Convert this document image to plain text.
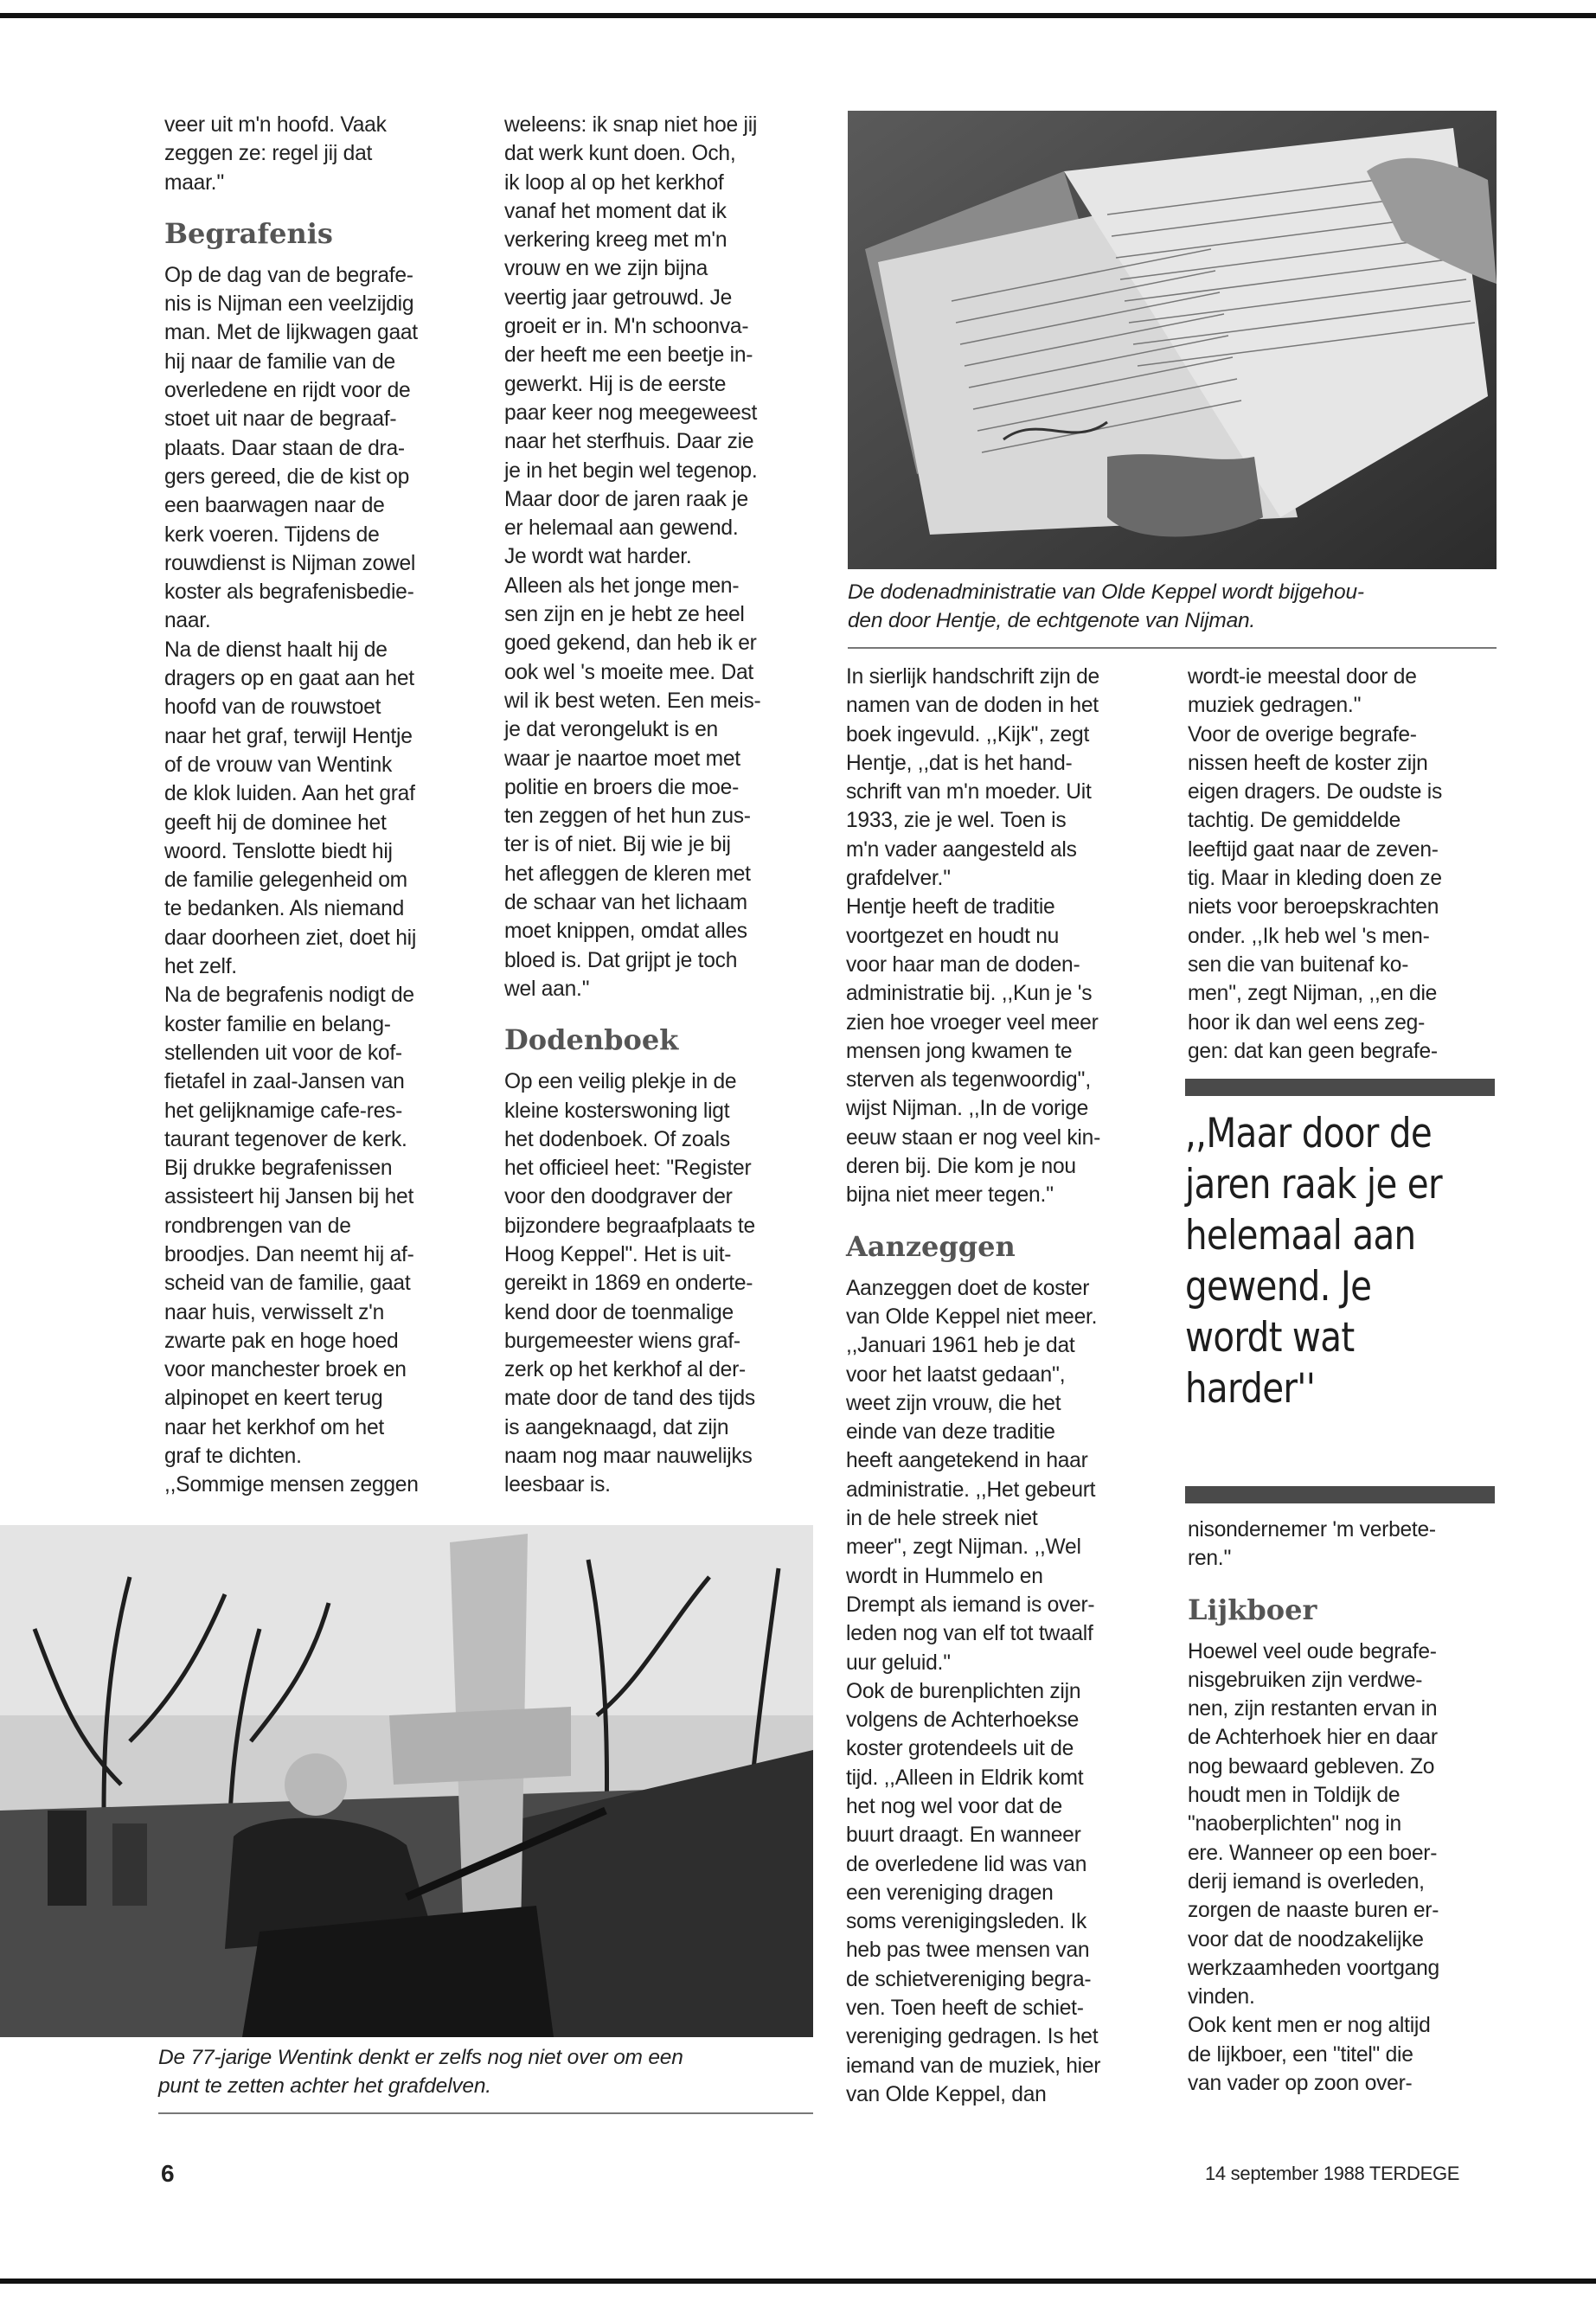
veer uit m'n hoofd. Vaak

zeggen ze: regel jij dat

maar.''

Begrafenis

Op de dag van de begrafe-

nis is Nijman een veelzijdig

man. Met de lijkwagen gaat

hij naar de familie van de

overledene en rijdt voor de

stoet uit naar de begraaf-

plaats. Daar staan de dra-

gers gereed, die de kist op

een baarwagen naar de

kerk voeren. Tijdens de

rouwdienst is Nijman zowel

koster als begrafenisbedie-

naar.

Na de dienst haalt hij de

dragers op en gaat aan het

hoofd van de rouwstoet

naar het graf, terwijl Hentje

of de vrouw van Wentink

de klok luiden. Aan het graf

geeft hij de dominee het

woord. Tenslotte biedt hij

de familie gelegenheid om

te bedanken. Als niemand

daar doorheen ziet, doet hij

het zelf.

Na de begrafenis nodigt de

koster familie en belang-

stellenden uit voor de kof-

fietafel in zaal-Jansen van

het gelijknamige cafe-res-

taurant tegenover de kerk.

Bij drukke begrafenissen

assisteert hij Jansen bij het

rondbrengen van de

broodjes. Dan neemt hij af-

scheid van de familie, gaat

naar huis, verwisselt z'n

zwarte pak en hoge hoed

voor manchester broek en

alpinopet en keert terug

naar het kerkhof om het

graf te dichten.

,,Sommige mensen zeggen

weleens: ik snap niet hoe jij

dat werk kunt doen. Och,

ik loop al op het kerkhof

vanaf het moment dat ik

verkering kreeg met m'n

vrouw en we zijn bijna

veertig jaar getrouwd. Je

groeit er in. M'n schoonva-

der heeft me een beetje in-

gewerkt. Hij is de eerste

paar keer nog meegeweest

naar het sterfhuis. Daar zie

je in het begin wel tegenop.

Maar door de jaren raak je

er helemaal aan gewend.

Je wordt wat harder.

Alleen als het jonge men-

sen zijn en je hebt ze heel

goed gekend, dan heb ik er

ook wel 's moeite mee. Dat

wil ik best weten. Een meis-

je dat verongelukt is en

waar je naartoe moet met

politie en broers die moe-

ten zeggen of het hun zus-

ter is of niet. Bij wie je bij

het afleggen de kleren met

de schaar van het lichaam

moet knippen, omdat alles

bloed is. Dat grijpt je toch

wel aan.''

Dodenboek

Op een veilig plekje in de

kleine kosterswoning ligt

het dodenboek. Of zoals

het officieel heet: "Register

voor den doodgraver der

bijzondere begraafplaats te

Hoog Keppel". Het is uit-

gereikt in 1869 en onderte-

kend door de toenmalige

burgemeester wiens graf-

zerk op het kerkhof al der-

mate door de tand des tijds

is aangeknaagd, dat zijn

naam nog maar nauwelijks

leesbaar is.

De dodenadministratie van Olde Keppel wordt bijgehou-

den door Hentje, de echtgenote van Nijman.

In sierlijk handschrift zijn de

namen van de doden in het

boek ingevuld. ,,Kijk'', zegt

Hentje, ,,dat is het hand-

schrift van m'n moeder. Uit

1933, zie je wel. Toen is

m'n vader aangesteld als

grafdelver.''

Hentje heeft de traditie

voortgezet en houdt nu

voor haar man de doden-

administratie bij. ,,Kun je 's

zien hoe vroeger veel meer

mensen jong kwamen te

sterven als tegenwoordig'',

wijst Nijman. ,,In de vorige

eeuw staan er nog veel kin-

deren bij. Die kom je nou

bijna niet meer tegen.''

Aanzeggen

Aanzeggen doet de koster

van Olde Keppel niet meer.

,,Januari 1961 heb je dat

voor het laatst gedaan'',

weet zijn vrouw, die het

einde van deze traditie

heeft aangetekend in haar

administratie. ,,Het gebeurt

in de hele streek niet

meer'', zegt Nijman. ,,Wel

wordt in Hummelo en

Drempt als iemand is over-

leden nog van elf tot twaalf

uur geluid.''

Ook de burenplichten zijn

volgens de Achterhoekse

koster grotendeels uit de

tijd. ,,Alleen in Eldrik komt

het nog wel voor dat de

buurt draagt. En wanneer

de overledene lid was van

een vereniging dragen

soms verenigingsleden. Ik

heb pas twee mensen van

de schietvereniging begra-

ven. Toen heeft de schiet-

vereniging gedragen. Is het

iemand van de muziek, hier

van Olde Keppel, dan

wordt-ie meestal door de

muziek gedragen.''

Voor de overige begrafe-

nissen heeft de koster zijn

eigen dragers. De oudste is

tachtig. De gemiddelde

leeftijd gaat naar de zeven-

tig. Maar in kleding doen ze

niets voor beroepskrachten

onder. ,,Ik heb wel 's men-

sen die van buitenaf ko-

men'', zegt Nijman, ,,en die

hoor ik dan wel eens zeg-

gen: dat kan geen begrafe-

,,Maar door de

jaren raak je er

helemaal aan

gewend. Je

wordt wat

harder''

nisondernemer 'm verbete-

ren.''

Lijkboer

Hoewel veel oude begrafe-

nisgebruiken zijn verdwe-

nen, zijn restanten ervan in

de Achterhoek hier en daar

nog bewaard gebleven. Zo

houdt men in Toldijk de

"naoberplichten" nog in

ere. Wanneer op een boer-

derij iemand is overleden,

zorgen de naaste buren er-

voor dat de noodzakelijke

werkzaamheden voortgang

vinden.

Ook kent men er nog altijd

de lijkboer, een "titel" die

van vader op zoon over-

De 77-jarige Wentink denkt er zelfs nog niet over om een

punt te zetten achter het grafdelven.

6	14 september 1988 TERDEGE
